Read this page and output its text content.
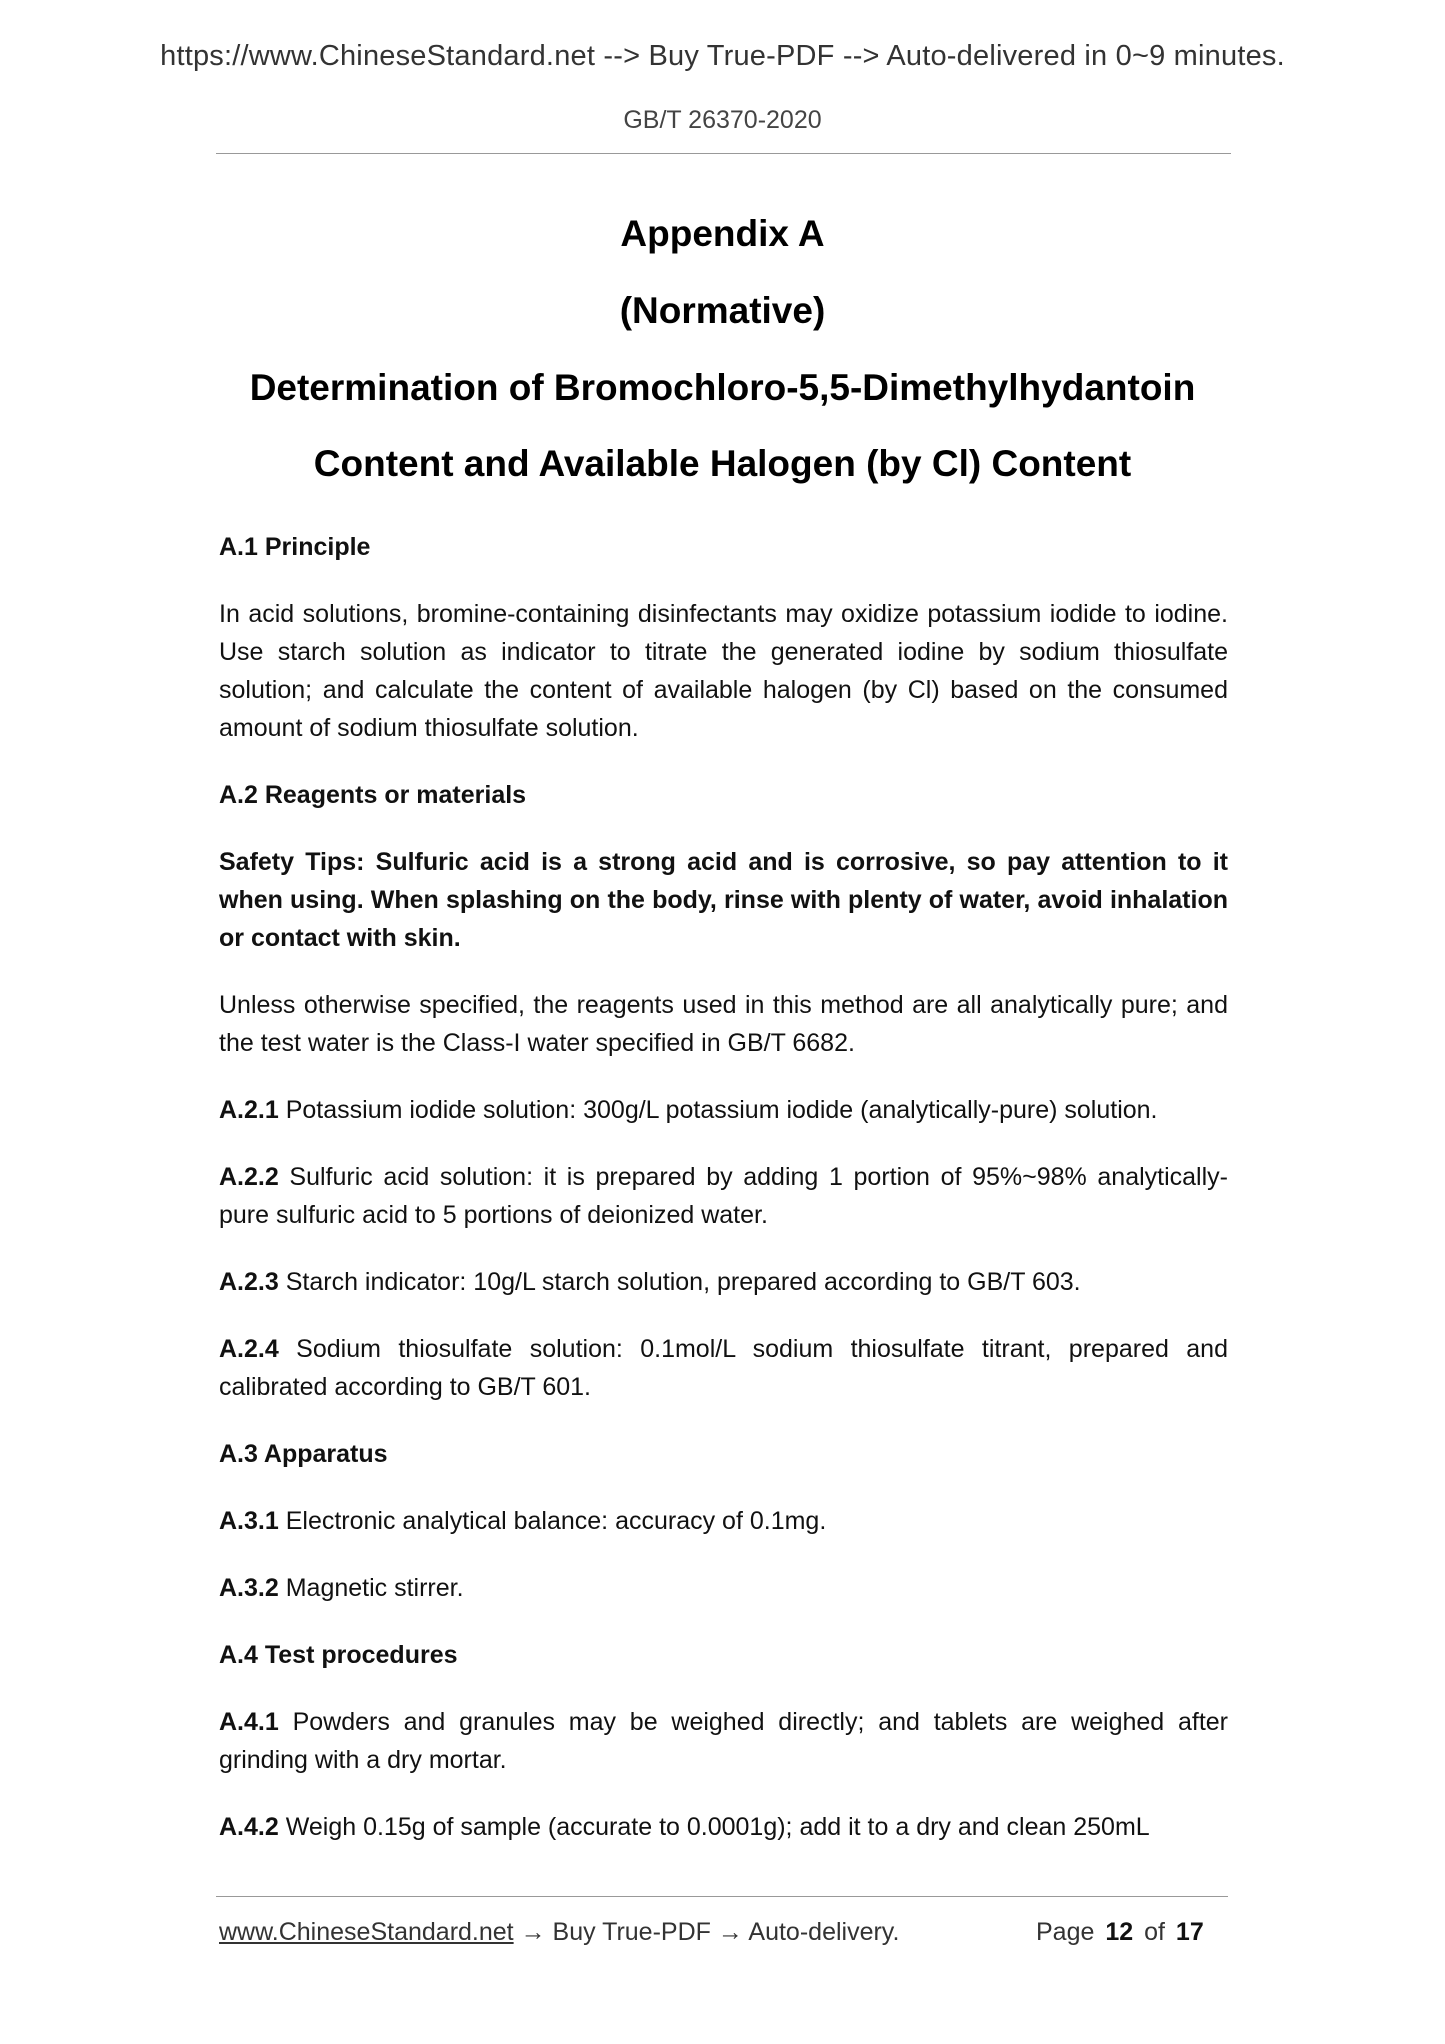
https://www.ChineseStandard.net --> Buy True-PDF --> Auto-delivered in 0~9 minutes.
GB/T 26370-2020
Appendix A
(Normative)
Determination of Bromochloro-5,5-Dimethylhydantoin
Content and Available Halogen (by Cl) Content
A.1 Principle

In acid solutions, bromine-containing disinfectants may oxidize potassium iodide to iodine. Use starch solution as indicator to titrate the generated iodine by sodium thiosulfate solution; and calculate the content of available halogen (by Cl) based on the consumed amount of sodium thiosulfate solution.

A.2 Reagents or materials

Safety Tips: Sulfuric acid is a strong acid and is corrosive, so pay attention to it when using. When splashing on the body, rinse with plenty of water, avoid inhalation or contact with skin.

Unless otherwise specified, the reagents used in this method are all analytically pure; and the test water is the Class-I water specified in GB/T 6682.

A.2.1 Potassium iodide solution: 300g/L potassium iodide (analytically-pure) solution.

A.2.2 Sulfuric acid solution: it is prepared by adding 1 portion of 95%~98% analytically-pure sulfuric acid to 5 portions of deionized water.

A.2.3 Starch indicator: 10g/L starch solution, prepared according to GB/T 603.

A.2.4 Sodium thiosulfate solution: 0.1mol/L sodium thiosulfate titrant, prepared and calibrated according to GB/T 601.

A.3 Apparatus

A.3.1 Electronic analytical balance: accuracy of 0.1mg.

A.3.2 Magnetic stirrer.

A.4 Test procedures

A.4.1 Powders and granules may be weighed directly; and tablets are weighed after grinding with a dry mortar.

A.4.2 Weigh 0.15g of sample (accurate to 0.0001g); add it to a dry and clean 250mL

www.ChineseStandard.net → Buy True-PDF → Auto-delivery.	Page 12 of 17
